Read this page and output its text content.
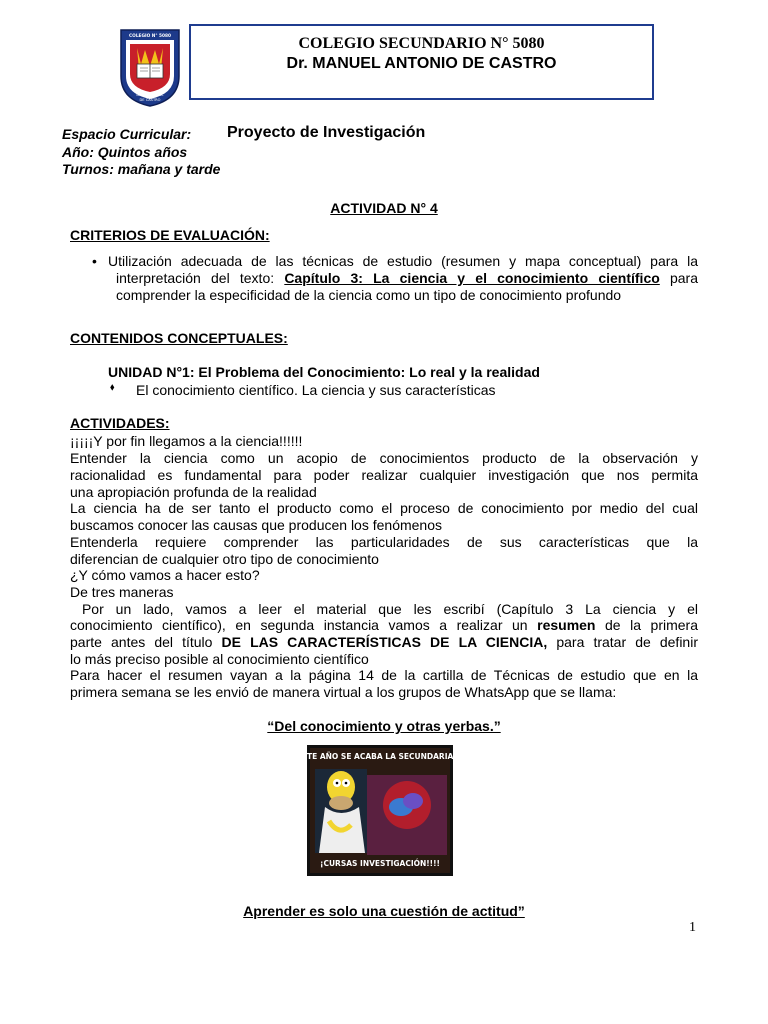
COLEGIO N° 5080
DR. MANUEL A.
DE CASTRO
COLEGIO SECUNDARIO N° 5080
Dr. MANUEL ANTONIO DE CASTRO
Espacio Curricular: Proyecto de Investigación
Año: Quintos años
Turnos: mañana y tarde
ACTIVIDAD N° 4
CRITERIOS DE EVALUACIÓN:
• Utilización adecuada de las técnicas de estudio (resumen y mapa conceptual) para la
interpretación del texto: Capítulo 3: La ciencia y el conocimiento científico para
comprender la especificidad de la ciencia como un tipo de conocimiento profundo
CONTENIDOS CONCEPTUALES:
UNIDAD N°1: El Problema del Conocimiento: Lo real y la realidad
⬧ El conocimiento científico. La ciencia y sus características
ACTIVIDADES:
¡¡¡¡¡Y por fin llegamos a la ciencia!!!!!!
Entender la ciencia como un acopio de conocimientos producto de la observación y
racionalidad es fundamental para poder realizar cualquier investigación que nos permita
una apropiación profunda de la realidad
La ciencia ha de ser tanto el producto como el proceso de conocimiento por medio del cual
buscamos conocer las causas que producen los fenómenos
Entenderla requiere comprender las particularidades de sus características que la
diferencian de cualquier otro tipo de conocimiento
¿Y cómo vamos a hacer esto?
De tres maneras
Por un lado, vamos a leer el material que les escribí (Capítulo 3 La ciencia y el
conocimiento científico), en segunda instancia vamos a realizar un resumen de la primera
parte antes del título DE LAS CARACTERÍSTICAS DE LA CIENCIA, para tratar de definir
lo más preciso posible al conocimiento científico
Para hacer el resumen vayan a la página 14 de la cartilla de Técnicas de estudio que en la
primera semana se les envió de manera virtual a los grupos de WhatsApp que se llama:
“Del conocimiento y otras yerbas.”
ESTE AÑO SE ACABA LA SECUNDARIA!!!
¡CURSAS INVESTIGACIÓN!!!!
Aprender es solo una cuestión de actitud”
1
